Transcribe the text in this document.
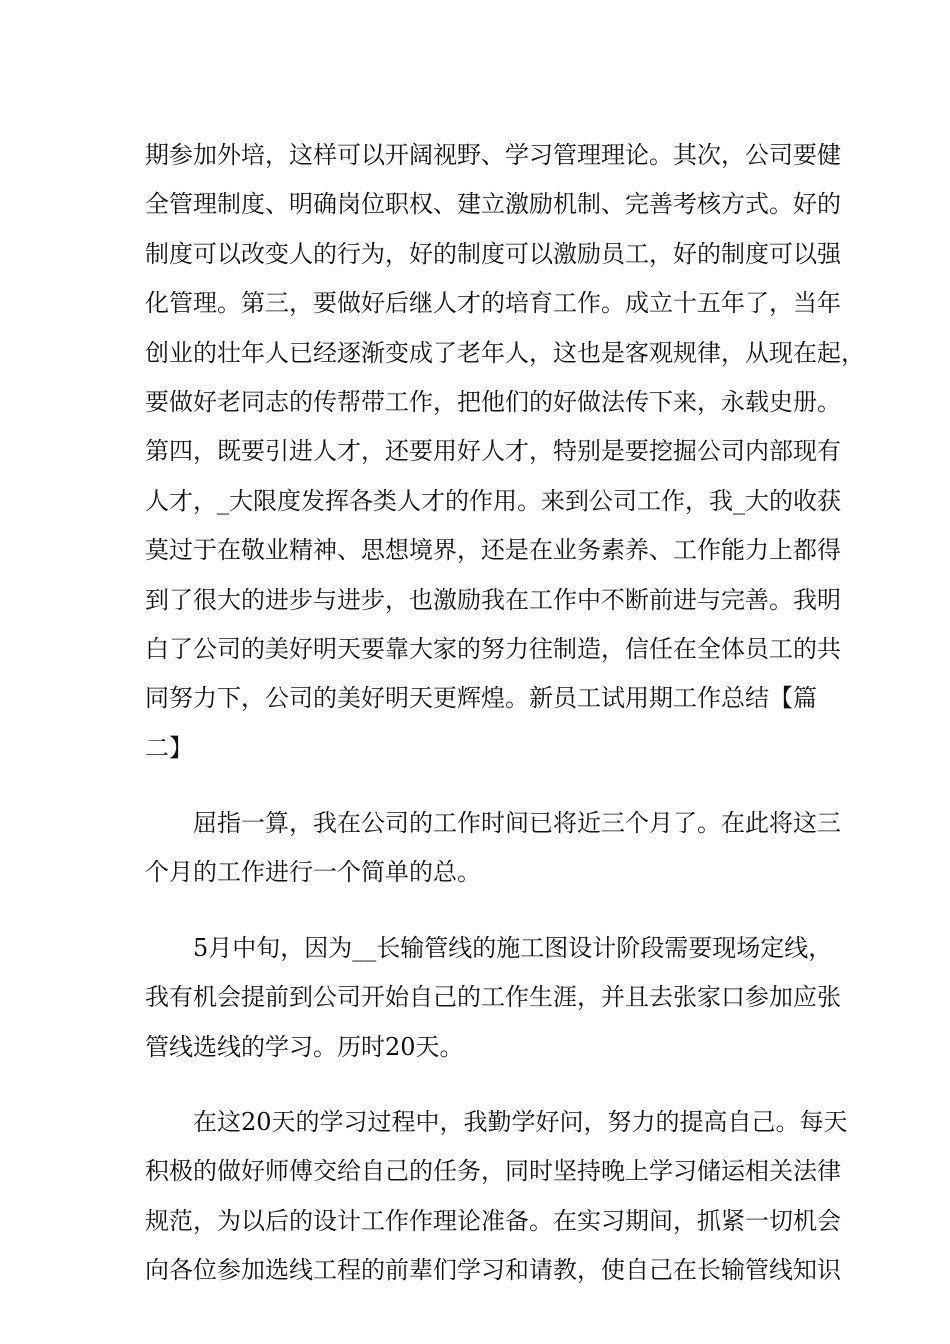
期参加外培，这样可以开阔视野、学习管理理论。其次，公司要健
全管理制度、明确岗位职权、建立激励机制、完善考核方式。好的
制度可以改变人的行为，好的制度可以激励员工，好的制度可以强
化管理。第三，要做好后继人才的培育工作。成立十五年了，当年
创业的壮年人已经逐渐变成了老年人，这也是客观规律，从现在起，
要做好老同志的传帮带工作，把他们的好做法传下来，永载史册。
第四，既要引进人才，还要用好人才，特别是要挖掘公司内部现有
人才，_大限度发挥各类人才的作用。来到公司工作，我_大的收获
莫过于在敬业精神、思想境界，还是在业务素养、工作能力上都得
到了很大的进步与进步，也激励我在工作中不断前进与完善。我明
白了公司的美好明天要靠大家的努力往制造，信任在全体员工的共
同努力下，公司的美好明天更辉煌。新员工试用期工作总结【篇
二】
屈指一算，我在公司的工作时间已将近三个月了。在此将这三
个月的工作进行一个简单的总。
5月中旬，因为__长输管线的施工图设计阶段需要现场定线，
我有机会提前到公司开始自己的工作生涯，并且去张家口参加应张
管线选线的学习。历时20天。
在这20天的学习过程中，我勤学好问，努力的提高自己。每天
积极的做好师傅交给自己的任务，同时坚持晚上学习储运相关法律
规范，为以后的设计工作作理论准备。在实习期间，抓紧一切机会
向各位参加选线工程的前辈们学习和请教，使自己在长输管线知识
